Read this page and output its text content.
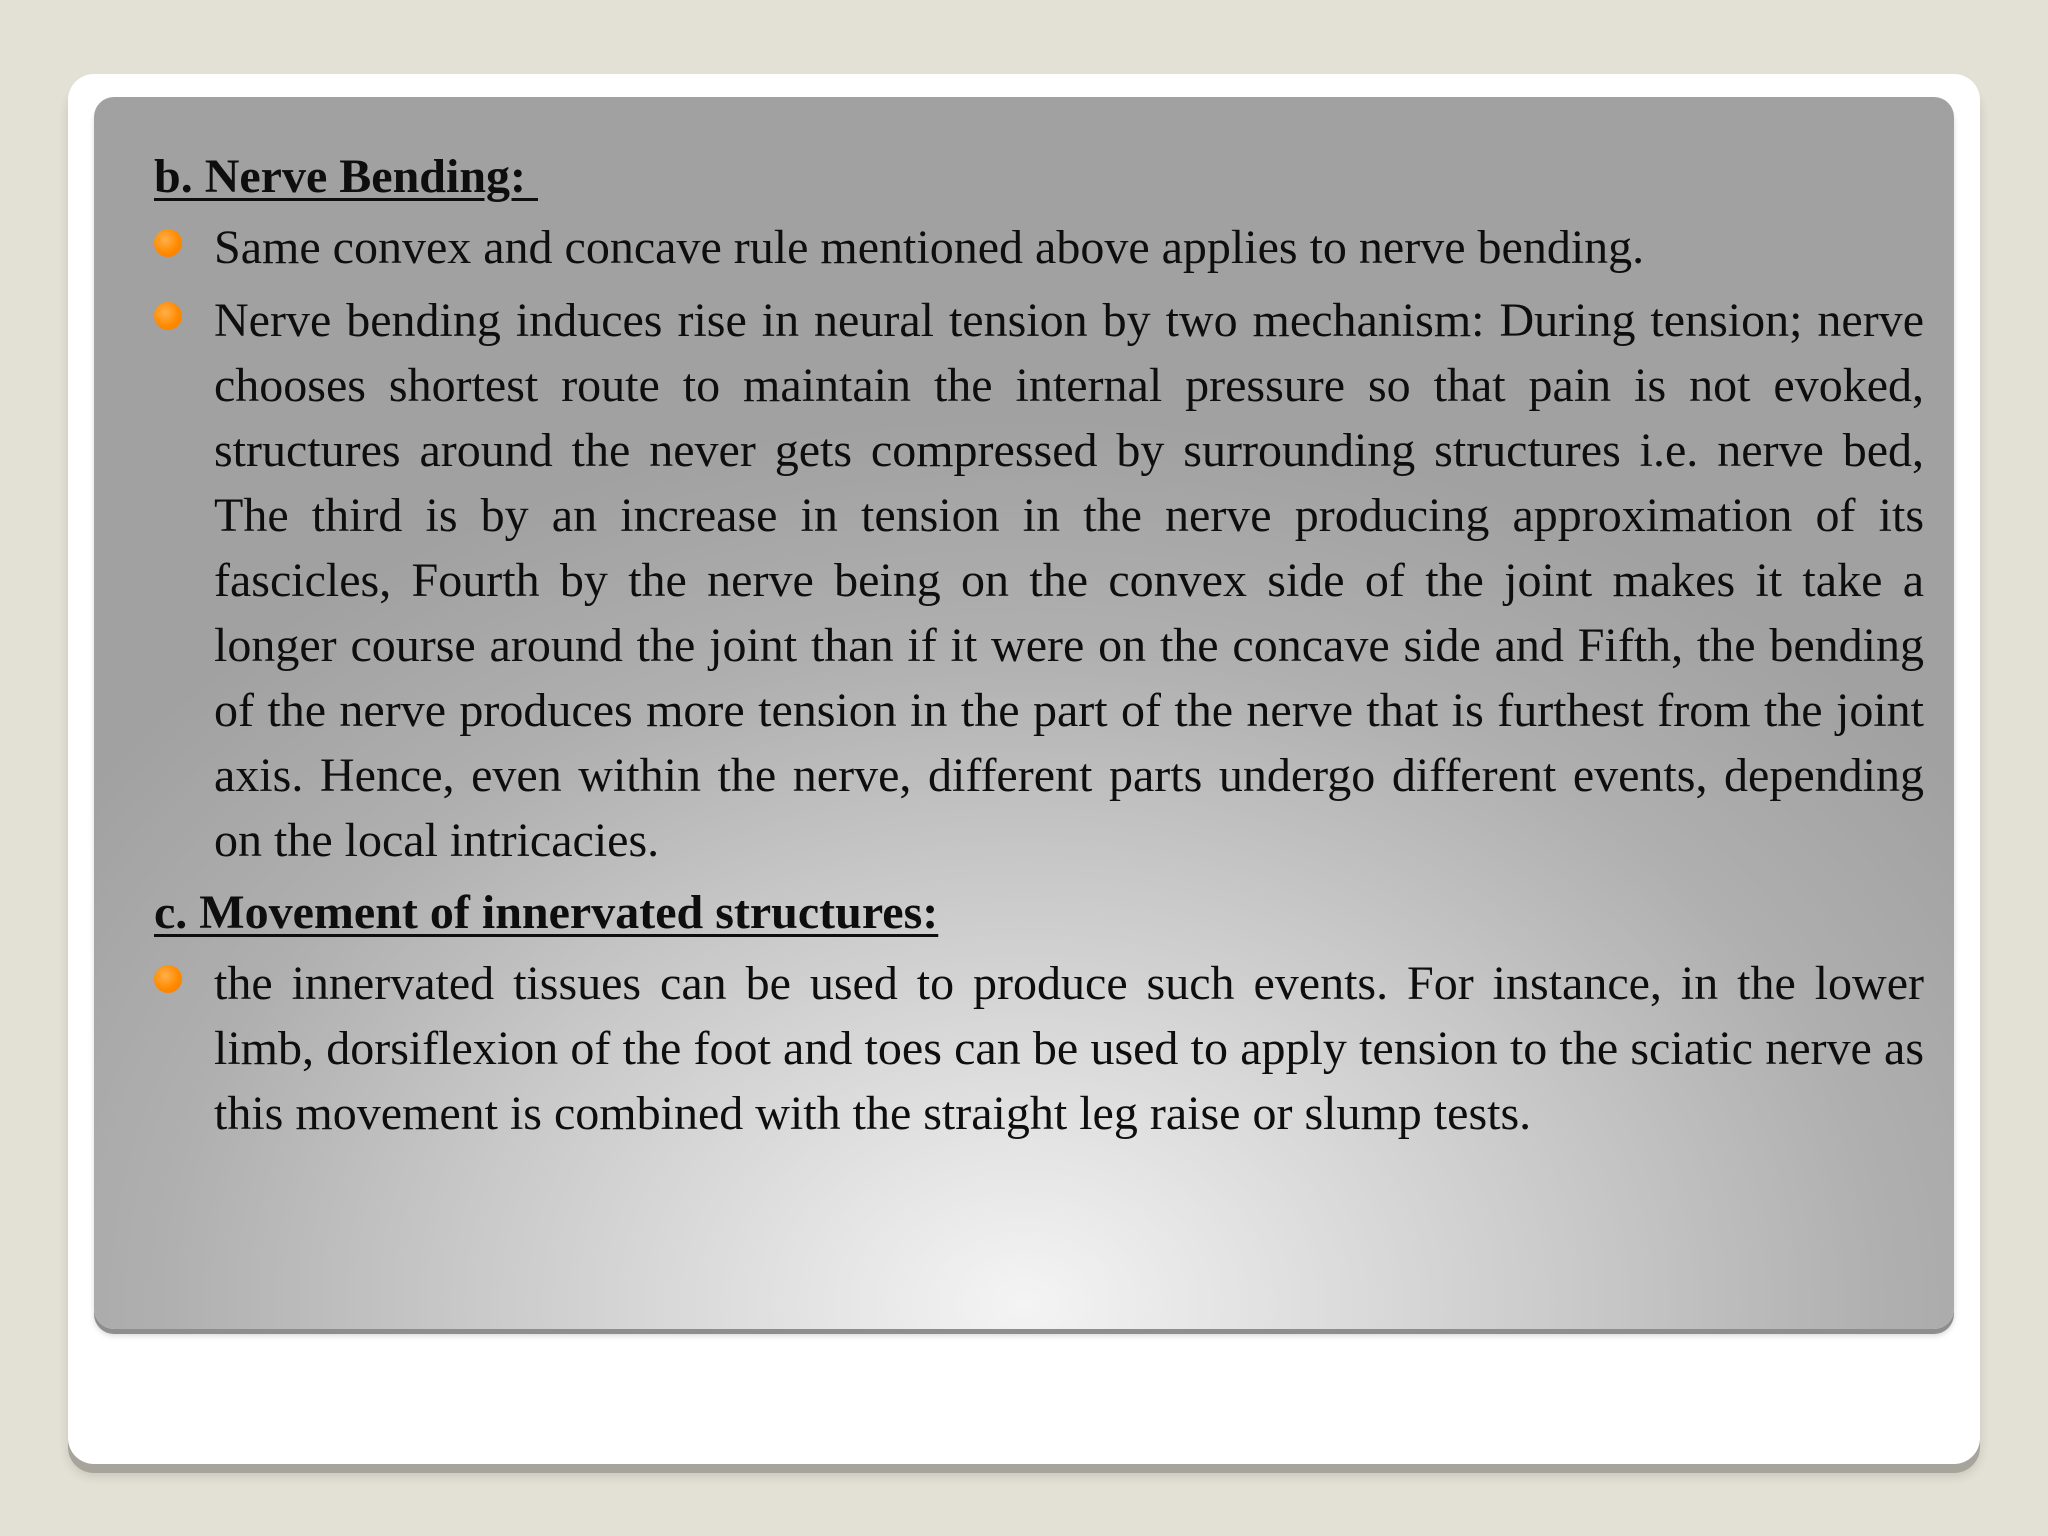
b. Nerve Bending:
Same convex and concave rule mentioned above applies to nerve bending.
Nerve bending induces rise in neural tension by two mechanism: During tension; nerve chooses shortest route to maintain the internal pressure so that pain is not evoked, structures around the never gets compressed by surrounding structures i.e. nerve bed, The third is by an increase in tension in the nerve producing approximation of its fascicles, Fourth by the nerve being on the convex side of the joint makes it take a longer course around the joint than if it were on the concave side and Fifth, the bending of the nerve produces more tension in the part of the nerve that is furthest from the joint axis. Hence, even within the nerve, different parts undergo different events, depending on the local intricacies.
c. Movement of innervated structures:
the innervated tissues can be used to produce such events. For instance, in the lower limb, dorsiflexion of the foot and toes can be used to apply tension to the sciatic nerve as this movement is combined with the straight leg raise or slump tests.
